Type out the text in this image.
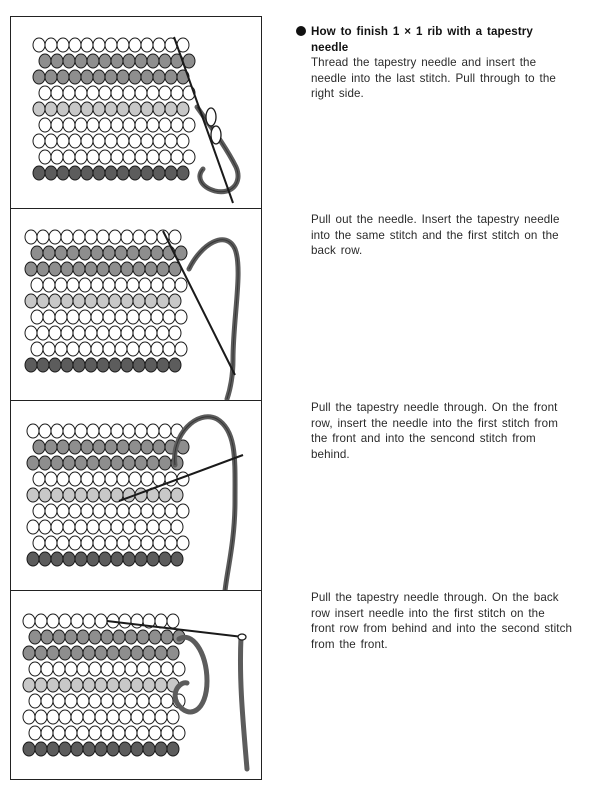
How to finish 1 × 1 rib with a tapestry needle
Thread the tapestry needle and insert the needle into the last stitch. Pull through to the right side.
Pull out the needle. Insert the tapestry needle into the same stitch and the first stitch on the back row.
Pull the tapestry needle through. On the front row, insert the needle into the first stitch from the front and into the sencond stitch from behind.
Pull the tapestry needle through. On the back row insert needle into the first stitch on the front row from behind and into the second stitch from the front.
